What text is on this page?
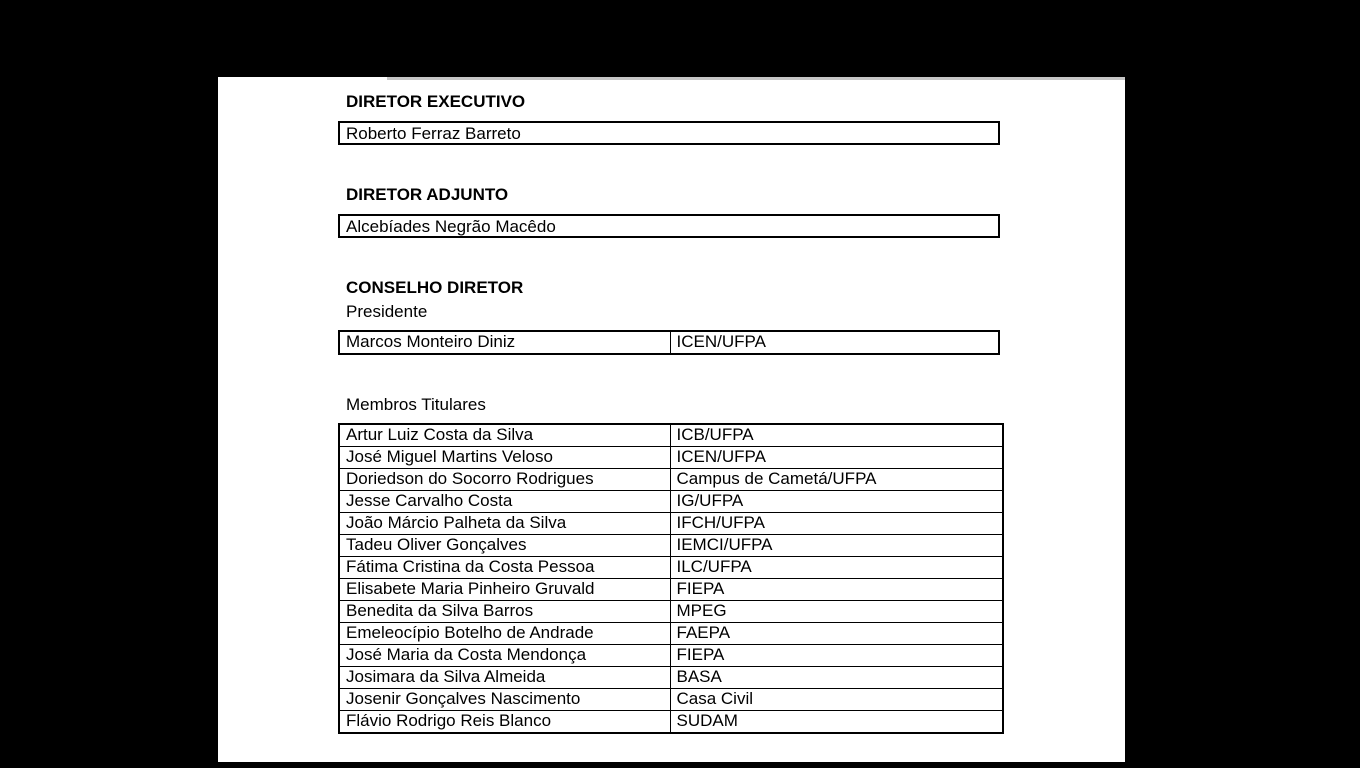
DIRETOR EXECUTIVO
Roberto Ferraz Barreto
DIRETOR ADJUNTO
Alcebíades Negrão Macêdo
CONSELHO DIRETOR
Presidente
Marcos Monteiro Diniz	ICEN/UFPA
Membros Titulares
Artur Luiz Costa da Silva	ICB/UFPA
José Miguel Martins Veloso	ICEN/UFPA
Doriedson do Socorro Rodrigues	Campus de Cametá/UFPA
Jesse Carvalho Costa	IG/UFPA
João Márcio Palheta da Silva	IFCH/UFPA
Tadeu Oliver Gonçalves	IEMCI/UFPA
Fátima Cristina da Costa Pessoa	ILC/UFPA
Elisabete Maria Pinheiro Gruvald	FIEPA
Benedita da Silva Barros	MPEG
Emeleocípio Botelho de Andrade	FAEPA
José Maria da Costa Mendonça	FIEPA
Josimara da Silva Almeida	BASA
Josenir Gonçalves Nascimento	Casa Civil
Flávio Rodrigo Reis Blanco	SUDAM
